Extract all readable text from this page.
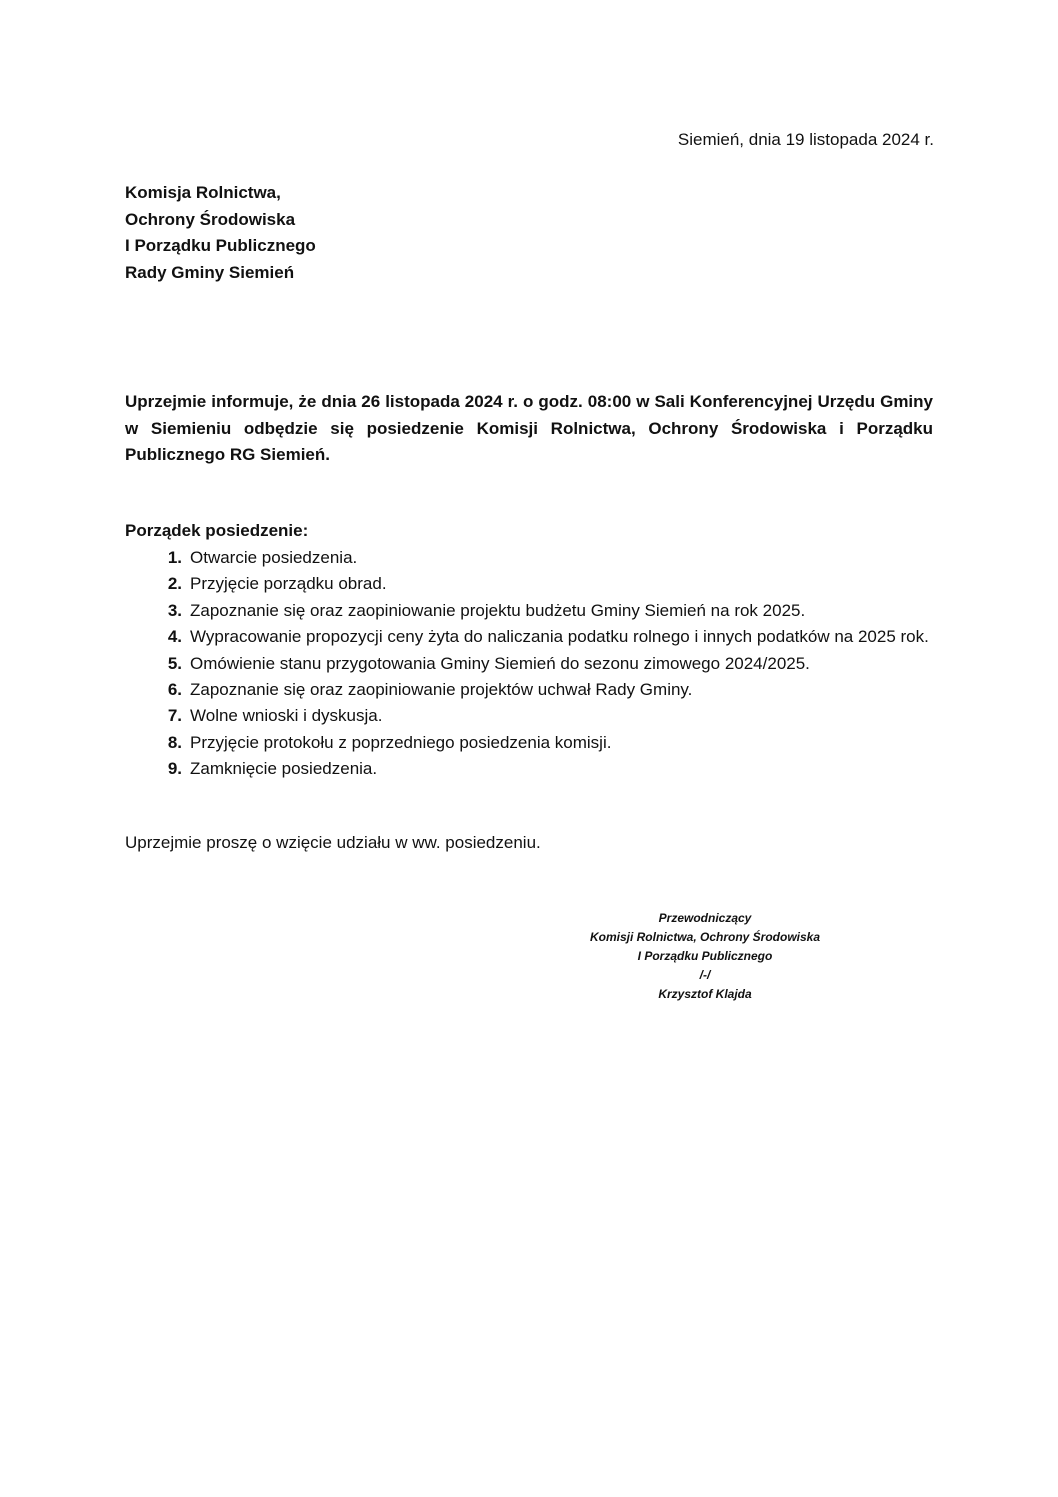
Siemień, dnia 19 listopada 2024 r.
Komisja Rolnictwa,
Ochrony Środowiska
I Porządku Publicznego
Rady Gminy Siemień
Uprzejmie informuje, że dnia 26 listopada 2024 r. o godz. 08:00 w Sali Konferencyjnej Urzędu Gminy w Siemieniu odbędzie się posiedzenie Komisji Rolnictwa, Ochrony Środowiska i Porządku Publicznego RG Siemień.
Porządek posiedzenie:
1. Otwarcie posiedzenia.
2. Przyjęcie porządku obrad.
3. Zapoznanie się oraz zaopiniowanie projektu budżetu Gminy Siemień na rok 2025.
4. Wypracowanie propozycji ceny żyta do naliczania podatku rolnego i innych podatków na 2025 rok.
5. Omówienie stanu przygotowania Gminy Siemień do sezonu zimowego 2024/2025.
6. Zapoznanie się oraz zaopiniowanie projektów uchwał Rady Gminy.
7. Wolne wnioski i dyskusja.
8. Przyjęcie protokołu z poprzedniego posiedzenia komisji.
9. Zamknięcie posiedzenia.
Uprzejmie proszę o wzięcie udziału w ww. posiedzeniu.
Przewodniczący
Komisji Rolnictwa, Ochrony Środowiska
I Porządku Publicznego
/-/
Krzysztof Klajda
